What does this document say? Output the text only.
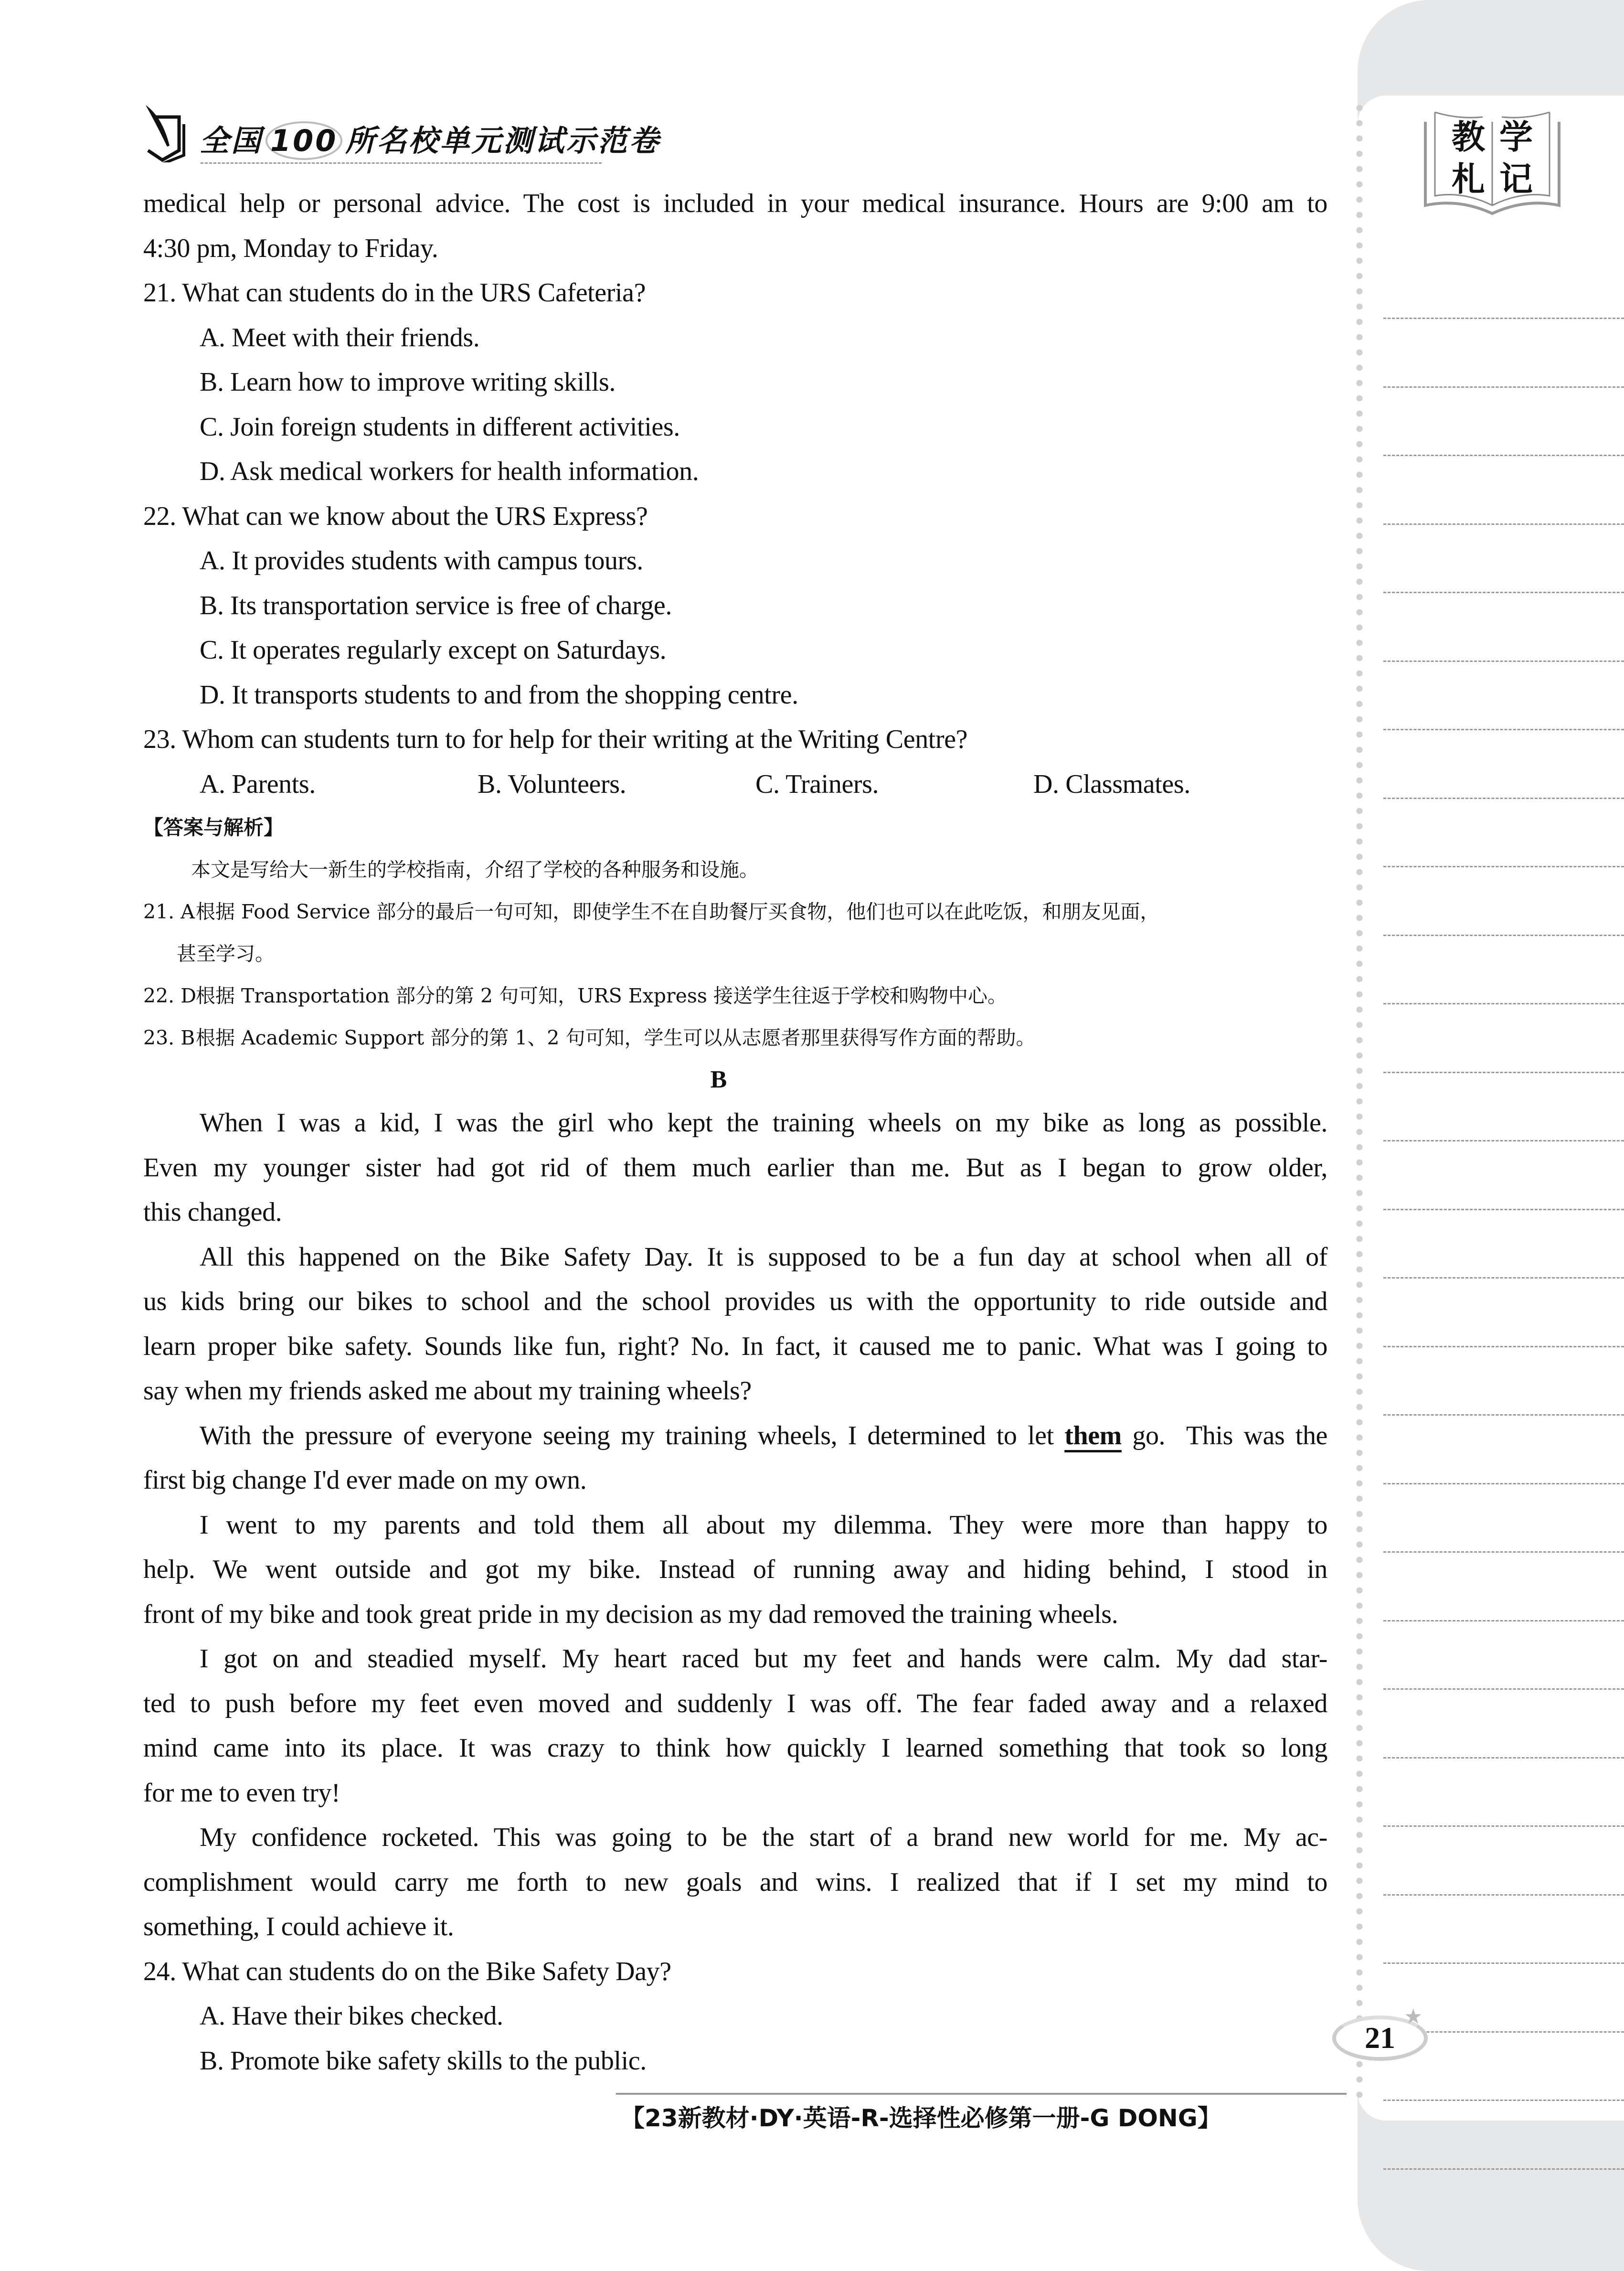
教 学
札 记
全国 100 所名校单元测试示范卷
medical help or personal advice. The cost is included in your medical insurance. Hours are 9:00 am to
4:30 pm, Monday to Friday.
21. What can students do in the URS Cafeteria?
A. Meet with their friends.
B. Learn how to improve writing skills.
C. Join foreign students in different activities.
D. Ask medical workers for health information.
22. What can we know about the URS Express?
A. It provides students with campus tours.
B. Its transportation service is free of charge.
C. It operates regularly except on Saturdays.
D. It transports students to and from the shopping centre.
23. Whom can students turn to for help for their writing at the Writing Centre?
A. Parents.	B. Volunteers.	C. Trainers.	D. Classmates.
【答案与解析】
本文是写给大一新生的学校指南，介绍了学校的各种服务和设施。
21. A根据 Food Service 部分的最后一句可知，即使学生不在自助餐厅买食物，他们也可以在此吃饭，和朋友见面，
甚至学习。
22. D根据 Transportation 部分的第 2 句可知，URS Express 接送学生往返于学校和购物中心。
23. B根据 Academic Support 部分的第 1、2 句可知，学生可以从志愿者那里获得写作方面的帮助。
B
When I was a kid, I was the girl who kept the training wheels on my bike as long as possible.
Even my younger sister had got rid of them much earlier than me. But as I began to grow older,
this changed.
All this happened on the Bike Safety Day. It is supposed to be a fun day at school when all of
us kids bring our bikes to school and the school provides us with the opportunity to ride outside and
learn proper bike safety. Sounds like fun, right? No. In fact, it caused me to panic. What was I going to
say when my friends asked me about my training wheels?
With the pressure of everyone seeing my training wheels, I determined to let them go.  This was the
first big change I'd ever made on my own.
I went to my parents and told them all about my dilemma. They were more than happy to
help. We went outside and got my bike. Instead of running away and hiding behind, I stood in
front of my bike and took great pride in my decision as my dad removed the training wheels.
I got on and steadied myself. My heart raced but my feet and hands were calm. My dad star-
ted to push before my feet even moved and suddenly I was off. The fear faded away and a relaxed
mind came into its place. It was crazy to think how quickly I learned something that took so long
for me to even try!
My confidence rocketed. This was going to be the start of a brand new world for me. My ac-
complishment would carry me forth to new goals and wins. I realized that if I set my mind to
something, I could achieve it.
24. What can students do on the Bike Safety Day?
A. Have their bikes checked.
B. Promote bike safety skills to the public.
【23新教材·DY·英语-R-选择性必修第一册-G DONG】
21
★
